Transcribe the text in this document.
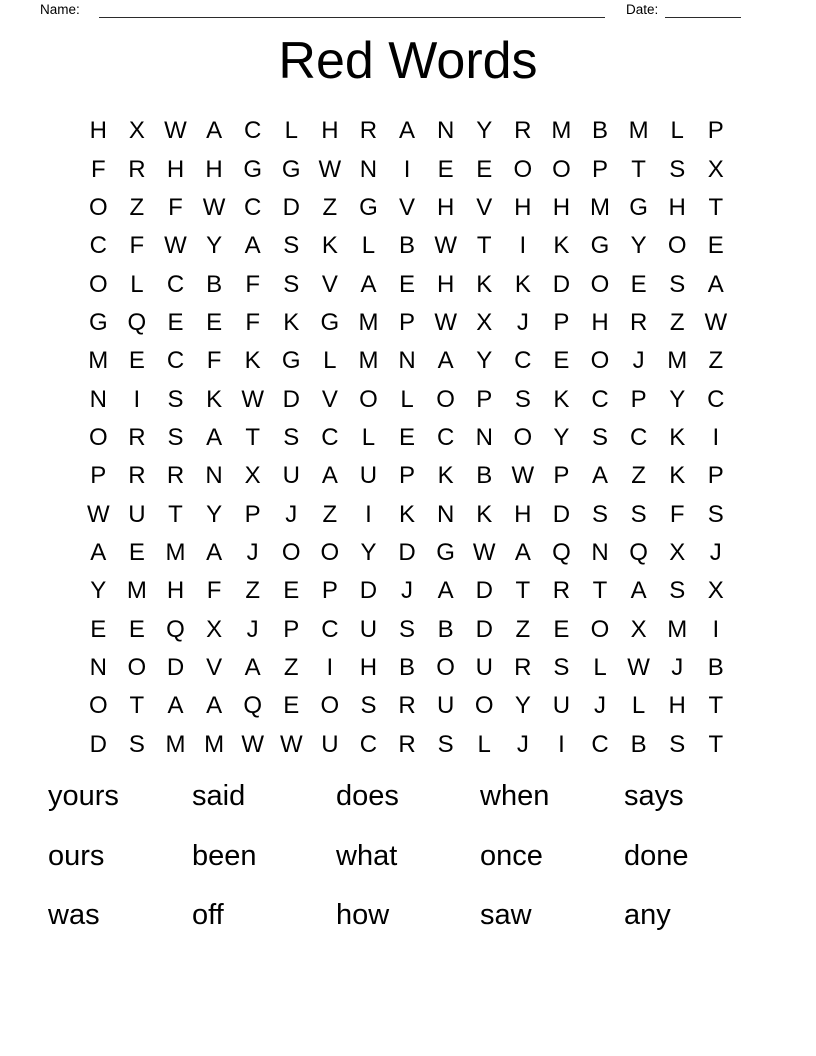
Name:	Date:
Red Words
H X W A C L H R A N Y R M B M L P
F R H H G G W N	I	E E O O P T S X
O Z F W C D Z G V H V H H M G H T
C F W Y A S K L B W T	I	K G Y O E
O L C B F S V A E H K K D O E S A
G Q E E F K G M P W X	J	P H R Z W
M E C F K G L M N A Y C E O J M Z
N	I	S K W D V O L O P S K C P Y C
O R S A T S C L E C N O Y S C K	I
P R R N X U A U P K B W P A Z K P
W U T Y P	J	Z	I	K N K H D S S F S
A E M A	J O O Y D G W A Q N Q X	J
Y M H F Z E P D J	A D T R T A S X
E E Q X	J	P C U S B D Z E O X M	I
N O D V A Z	I	H B O U R S L W J	B
O T A A Q E O S R U O Y U J	L H T
D S M M W W U C R S L	J	I	C B S T
yours	said	does	when	says
ours	been	what	once	done
was	off	how	saw	any
